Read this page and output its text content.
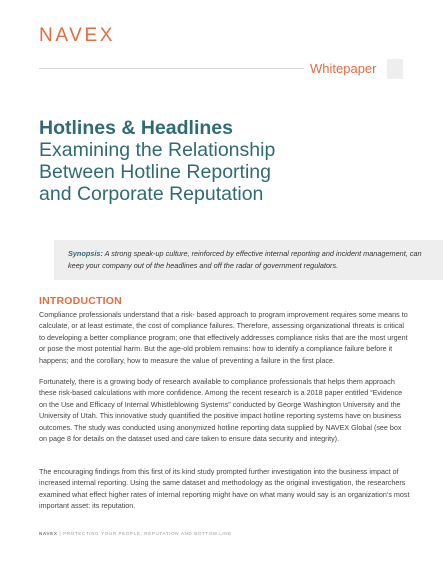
NAVEX
Whitepaper
Hotlines & Headlines
Examining the Relationship
Between Hotline Reporting
and Corporate Reputation

Synopsis: A strong speak-up culture, reinforced by effective internal reporting and incident management, can keep your company out of the headlines and off the radar of government regulators.

INTRODUCTION

Compliance professionals understand that a risk- based approach to program improvement requires some means to calculate, or at least estimate, the cost of compliance failures. Therefore, assessing organizational threats is critical to developing a better compliance program; one that effectively addresses compliance risks that are the most urgent or pose the most potential harm. But the age-old problem remains: how to identify a compliance failure before it happens; and the corollary, how to measure the value of preventing a failure in the first place.

Fortunately, there is a growing body of research available to compliance professionals that helps them approach these risk-based calculations with more confidence. Among the recent research is a 2018 paper entitled “Evidence on the Use and Efficacy of Internal Whistleblowing Systems” conducted by George Washington University and the University of Utah. This innovative study quantified the positive impact hotline reporting systems have on business outcomes. The study was conducted using anonymized hotline reporting data supplied by NAVEX Global (see box on page 8 for details on the dataset used and care taken to ensure data security and integrity).

The encouraging findings from this first of its kind study prompted further investigation into the business impact of increased internal reporting. Using the same dataset and methodology as the original investigation, the researchers examined what effect higher rates of internal reporting might have on what many would say is an organization’s most important asset: its reputation.

NAVEX | PROTECTING YOUR PEOPLE, REPUTATION AND BOTTOM LINE
